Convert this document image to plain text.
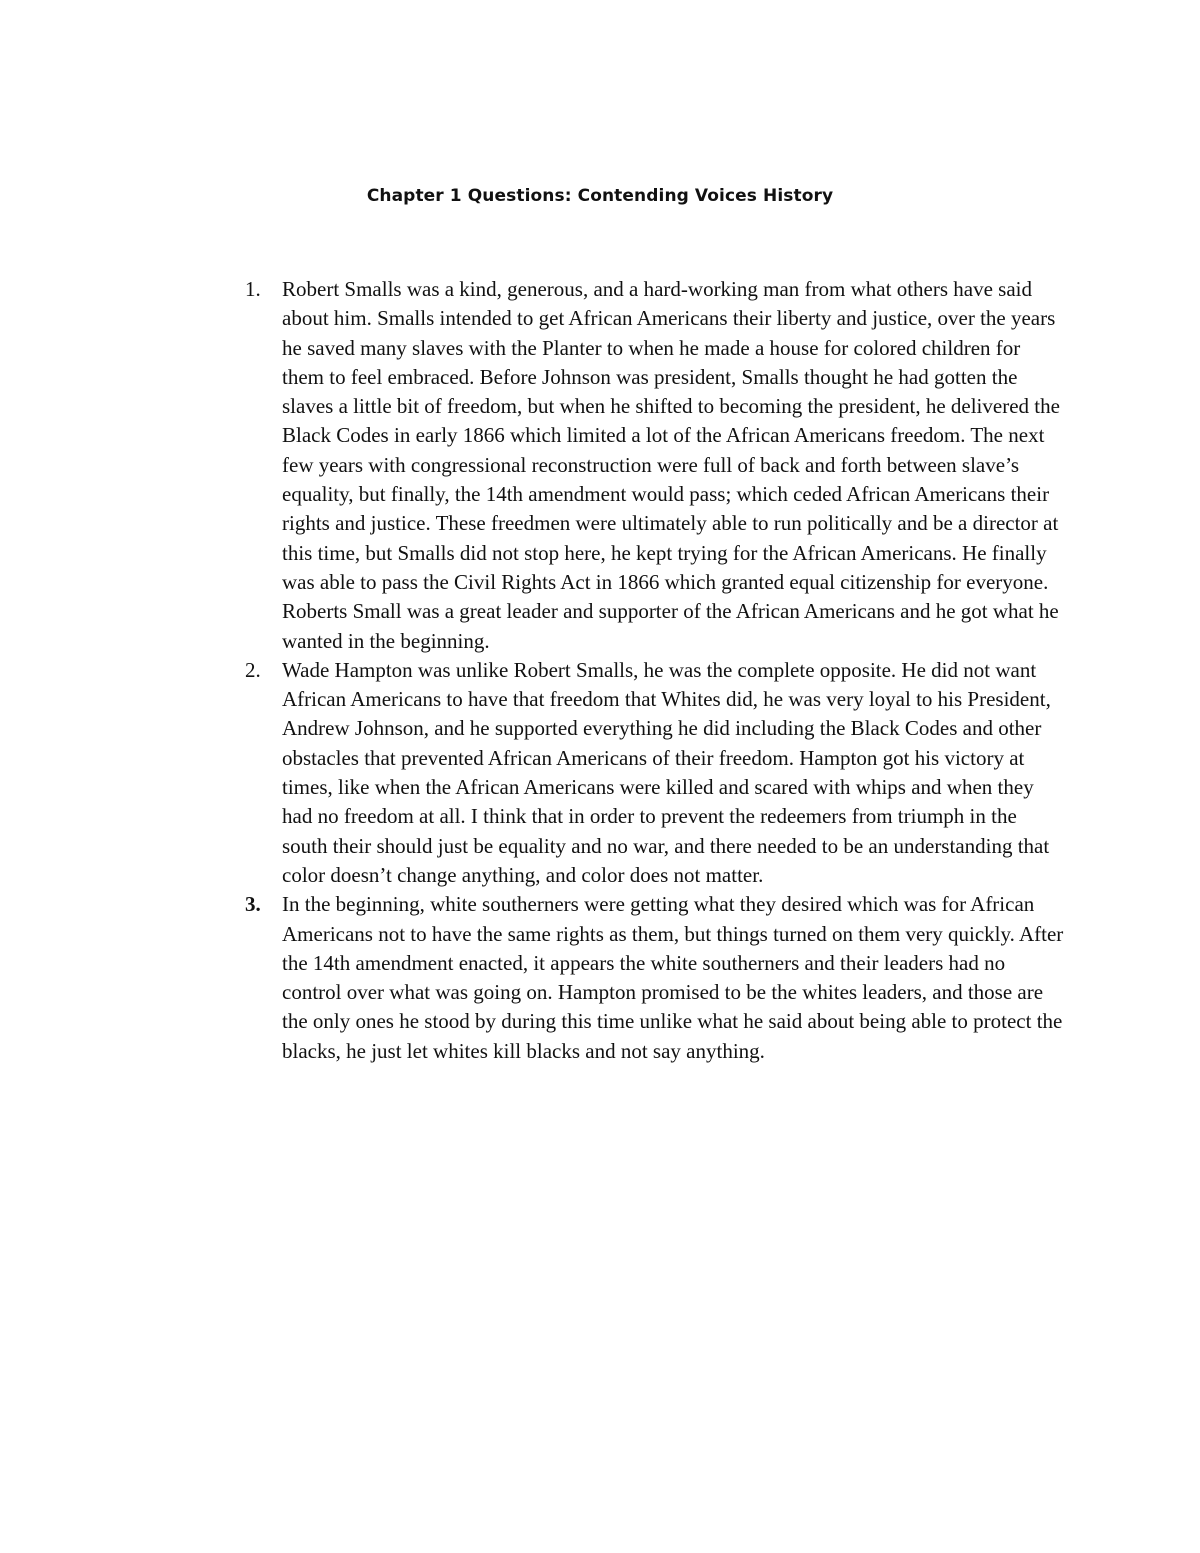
Chapter 1 Questions: Contending Voices History
1. Robert Smalls was a kind, generous, and a hard-working man from what others have said about him. Smalls intended to get African Americans their liberty and justice, over the years he saved many slaves with the Planter to when he made a house for colored children for them to feel embraced. Before Johnson was president, Smalls thought he had gotten the slaves a little bit of freedom, but when he shifted to becoming the president, he delivered the Black Codes in early 1866 which limited a lot of the African Americans freedom. The next few years with congressional reconstruction were full of back and forth between slave’s equality, but finally, the 14th amendment would pass; which ceded African Americans their rights and justice. These freedmen were ultimately able to run politically and be a director at this time, but Smalls did not stop here, he kept trying for the African Americans. He finally was able to pass the Civil Rights Act in 1866 which granted equal citizenship for everyone. Roberts Small was a great leader and supporter of the African Americans and he got what he wanted in the beginning.
2. Wade Hampton was unlike Robert Smalls, he was the complete opposite. He did not want African Americans to have that freedom that Whites did, he was very loyal to his President, Andrew Johnson, and he supported everything he did including the Black Codes and other obstacles that prevented African Americans of their freedom. Hampton got his victory at times, like when the African Americans were killed and scared with whips and when they had no freedom at all. I think that in order to prevent the redeemers from triumph in the south their should just be equality and no war, and there needed to be an understanding that color doesn’t change anything, and color does not matter.
3. In the beginning, white southerners were getting what they desired which was for African Americans not to have the same rights as them, but things turned on them very quickly. After the 14th amendment enacted, it appears the white southerners and their leaders had no control over what was going on. Hampton promised to be the whites leaders, and those are the only ones he stood by during this time unlike what he said about being able to protect the blacks, he just let whites kill blacks and not say anything.
